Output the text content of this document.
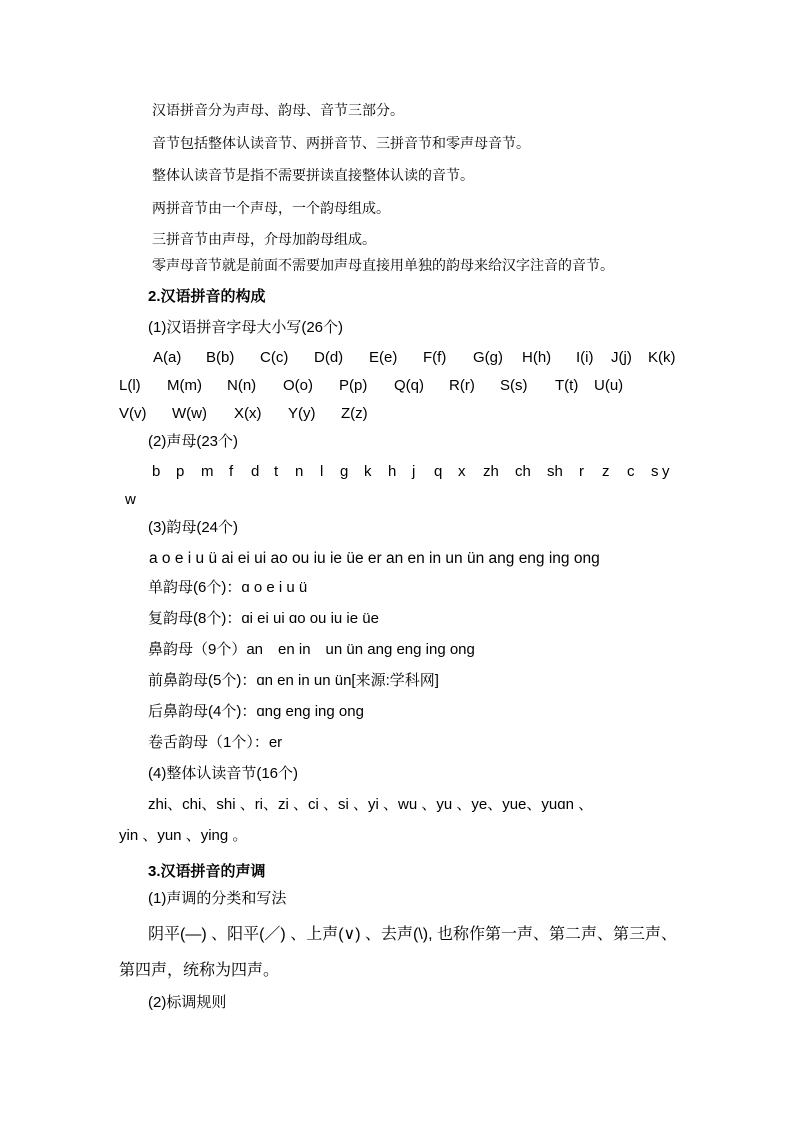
汉语拼音分为声母、韵母、音节三部分。
音节包括整体认读音节、两拼音节、三拼音节和零声母音节。
整体认读音节是指不需要拼读直接整体认读的音节。
两拼音节由一个声母，一个韵母组成。
三拼音节由声母，介母加韵母组成。
零声母音节就是前面不需要加声母直接用单独的韵母来给汉字注音的音节。
2.汉语拼音的构成
(1)汉语拼音字母大小写(26个)
A(a) B(b) C(c) D(d) E(e) F(f) G(g) H(h) I(i) J(j) K(k)
L(l) M(m) N(n) O(o) P(p) Q(q) R(r) S(s) T(t) U(u)
V(v) W(w) X(x) Y(y) Z(z)
(2)声母(23个)
b p m f d t n l g k h j q x zh ch sh r z c s y
w
(3)韵母(24个)
a o e i u ü ai ei ui ao ou iu ie üe er an en in un ün ang eng ing ong
单韵母(6个)：ɑ o e i u ü
复韵母(8个)：ɑi ei ui ɑo ou iu ie üe
鼻韵母（9个）an　en in　un ün ang eng ing ong
前鼻韵母(5个)：ɑn en in un ün[来源:学科网]
后鼻韵母(4个)：ɑng eng ing ong
卷舌韵母（1个）：er
(4)整体认读音节(16个)
zhi、chi、shi 、ri、zi 、ci 、si 、yi 、wu 、yu 、ye、yue、yuɑn 、
yin 、yun 、ying 。
3.汉语拼音的声调
(1)声调的分类和写法
阴平(—) 、阳平(／) 、上声(∨) 、去声(\), 也称作第一声、第二声、第三声、
第四声，统称为四声。
(2)标调规则
